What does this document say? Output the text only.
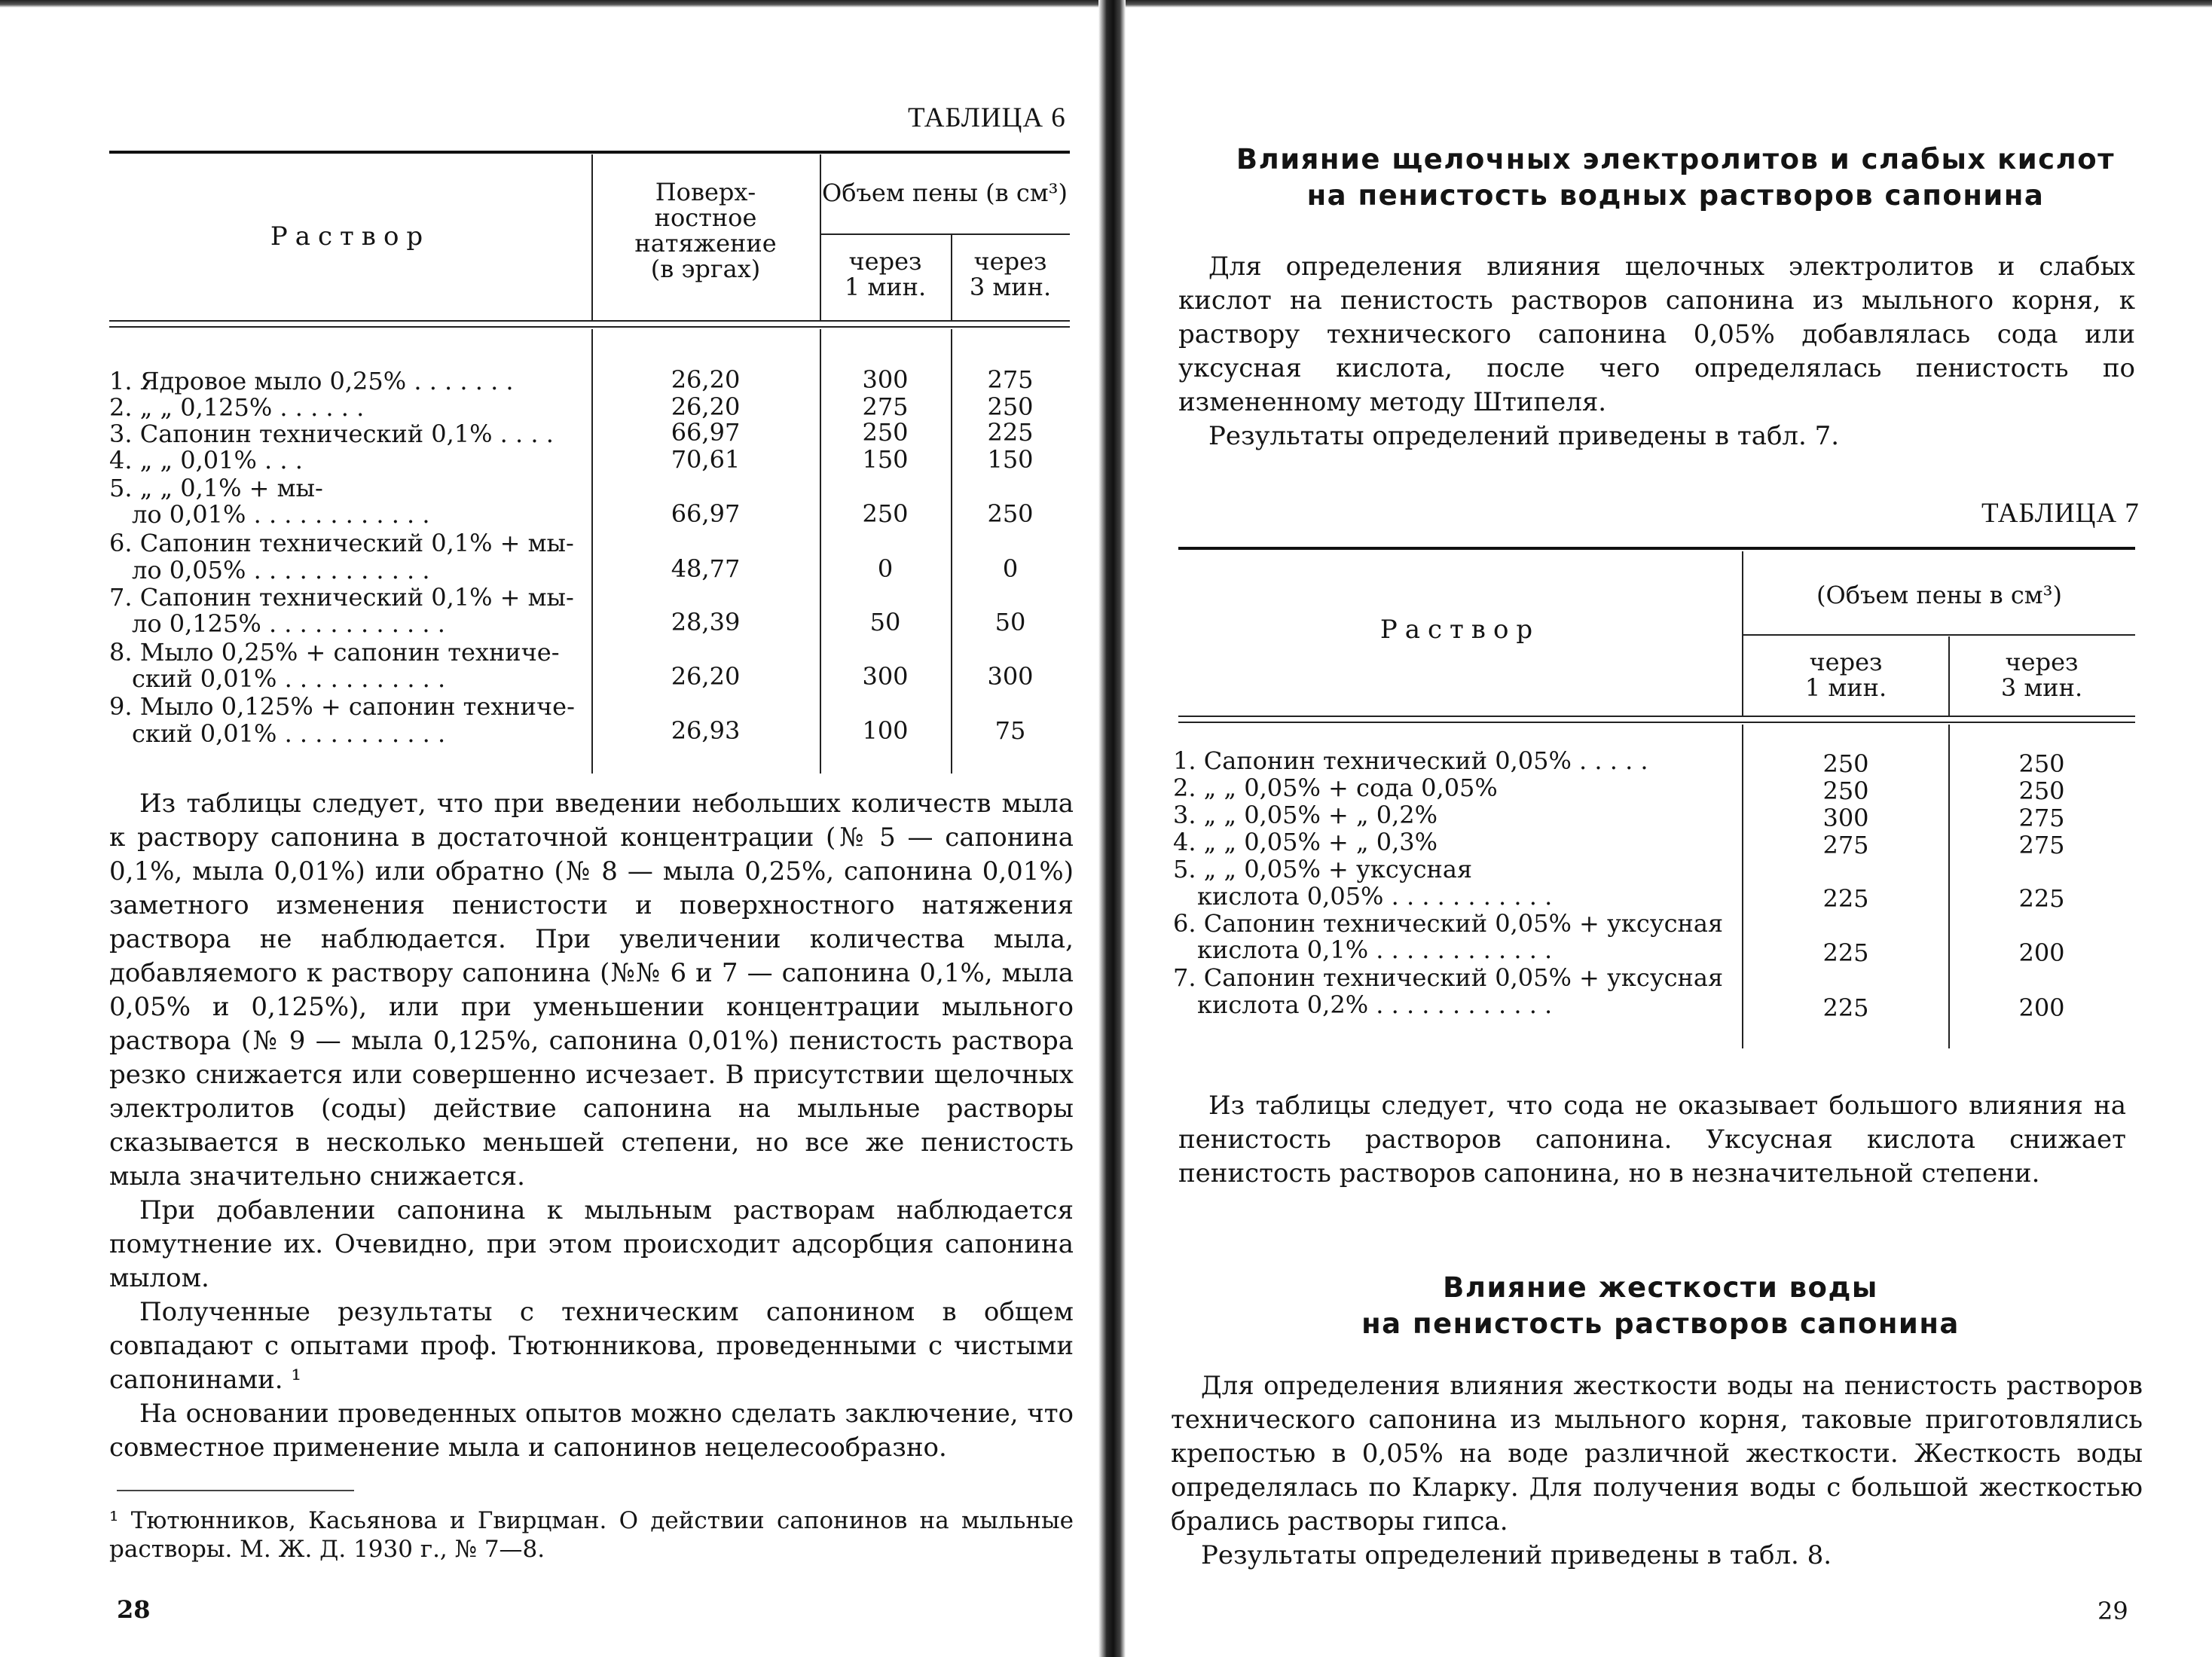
ТАБЛИЦА 6
Раствор
Поверх-
ностное
натяжение
(в эргах)
Объем пены (в см³)
через
1 мин.
через
3 мин.
1. Ядровое мыло 0,25% . . . . . . .	26,20	300	275
2. „ „ 0,125% . . . . . .	26,20	275	250
3. Сапонин технический 0,1% . . . .	66,97	250	225
4. „ „ 0,01% . . .	70,61	150	150
5. „ „ 0,1% + мы-
ло 0,01% . . . . . . . . . . . .	66,97	250	250
6. Сапонин технический 0,1% + мы-
ло 0,05% . . . . . . . . . . . .	48,77	0	0
7. Сапонин технический 0,1% + мы-
ло 0,125% . . . . . . . . . . . .	28,39	50	50
8. Мыло 0,25% + сапонин техниче-
ский 0,01% . . . . . . . . . . .	26,20	300	300
9. Мыло 0,125% + сапонин техниче-
ский 0,01% . . . . . . . . . . .	26,93	100	75

Из таблицы следует, что при введении небольших количеств мыла к раствору сапонина в достаточной концентрации (№ 5 — сапонина 0,1%, мыла 0,01%) или обратно (№ 8 — мыла 0,25%, сапонина 0,01%) заметного изменения пенистости и поверхностного натяжения раствора не наблюдается. При увеличении количества мыла, добавляемого к раствору сапонина (№№ 6 и 7 — сапонина 0,1%, мыла 0,05% и 0,125%), или при уменьшении концентрации мыльного раствора (№ 9 — мыла 0,125%, сапонина 0,01%) пенистость раствора резко снижается или совершенно исчезает. В присутствии щелочных электролитов (соды) действие сапонина на мыльные растворы сказывается в несколько меньшей степени, но все же пенистость мыла значительно снижается.

При добавлении сапонина к мыльным растворам наблюдается помутнение их. Очевидно, при этом происходит адсорбция сапонина мылом.

Полученные результаты с техническим сапонином в общем совпадают с опытами проф. Тютюнникова, проведенными с чистыми сапонинами. ¹

На основании проведенных опытов можно сделать заключение, что совместное применение мыла и сапонинов нецелесообразно.

¹ Тютюнников, Касьянова и Гвирцман. О действии сапонинов на мыльные растворы. М. Ж. Д. 1930 г., № 7—8.
28
Влияние щелочных электролитов и слабых кислот
на пенистость водных растворов сапонина

Для определения влияния щелочных электролитов и слабых кислот на пенистость растворов сапонина из мыльного корня, к раствору технического сапонина 0,05% добавлялась сода или уксусная кислота, после чего определялась пенистость по измененному методу Штипеля.

Результаты определений приведены в табл. 7.

ТАБЛИЦА 7
Раствор
(Объем пены в см³)
через
1 мин.
через
3 мин.
1. Сапонин технический 0,05% . . . . .	250	250
2. „ „ 0,05% + сода 0,05%	250	250
3. „ „ 0,05% + „ 0,2%	300	275
4. „ „ 0,05% + „ 0,3%	275	275
5. „ „ 0,05% + уксусная
кислота 0,05% . . . . . . . . . . .	225	225
6. Сапонин технический 0,05% + уксусная
кислота 0,1% . . . . . . . . . . . .	225	200
7. Сапонин технический 0,05% + уксусная
кислота 0,2% . . . . . . . . . . . .	225	200

Из таблицы следует, что сода не оказывает большого влияния на пенистость растворов сапонина. Уксусная кислота снижает пенистость растворов сапонина, но в незначительной степени.

Влияние жесткости воды
на пенистость растворов сапонина

Для определения влияния жесткости воды на пенистость растворов технического сапонина из мыльного корня, таковые приготовлялись крепостью в 0,05% на воде различной жесткости. Жесткость воды определялась по Кларку. Для получения воды с большой жесткостью брались растворы гипса.

Результаты определений приведены в табл. 8.

29
